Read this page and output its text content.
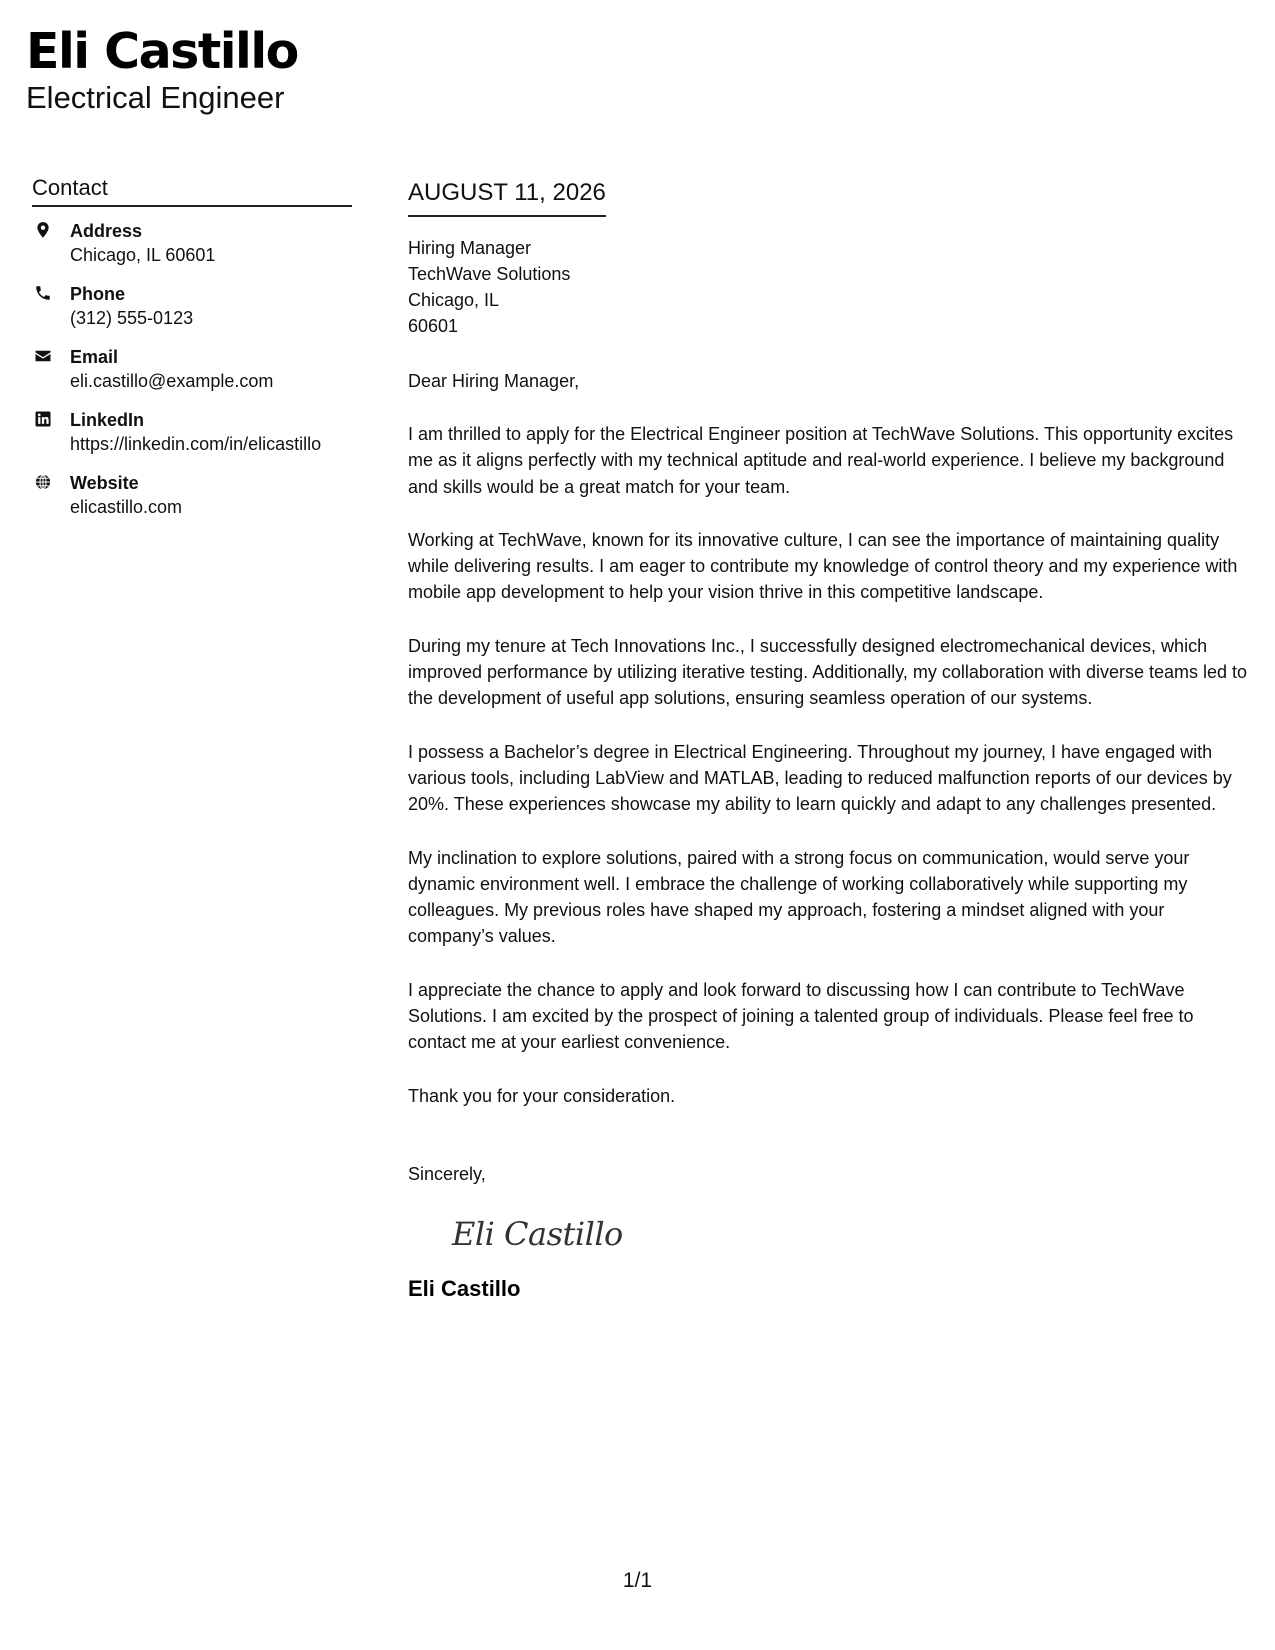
Eli Castillo
Electrical Engineer
Contact
Address
Chicago, IL 60601
Phone
(312) 555-0123
Email
eli.castillo@example.com
LinkedIn
https://linkedin.com/in/elicastillo
Website
elicastillo.com
AUGUST 11, 2026
Hiring Manager
TechWave Solutions
Chicago, IL
60601
Dear Hiring Manager,
I am thrilled to apply for the Electrical Engineer position at TechWave Solutions. This opportunity excites me as it aligns perfectly with my technical aptitude and real-world experience. I believe my background and skills would be a great match for your team.
Working at TechWave, known for its innovative culture, I can see the importance of maintaining quality while delivering results. I am eager to contribute my knowledge of control theory and my experience with mobile app development to help your vision thrive in this competitive landscape.
During my tenure at Tech Innovations Inc., I successfully designed electromechanical devices, which improved performance by utilizing iterative testing. Additionally, my collaboration with diverse teams led to the development of useful app solutions, ensuring seamless operation of our systems.
I possess a Bachelor’s degree in Electrical Engineering. Throughout my journey, I have engaged with various tools, including LabView and MATLAB, leading to reduced malfunction reports of our devices by 20%. These experiences showcase my ability to learn quickly and adapt to any challenges presented.
My inclination to explore solutions, paired with a strong focus on communication, would serve your dynamic environment well. I embrace the challenge of working collaboratively while supporting my colleagues. My previous roles have shaped my approach, fostering a mindset aligned with your company’s values.
I appreciate the chance to apply and look forward to discussing how I can contribute to TechWave Solutions. I am excited by the prospect of joining a talented group of individuals. Please feel free to contact me at your earliest convenience.
Thank you for your consideration.
Sincerely,
Eli Castillo
Eli Castillo
1/1
